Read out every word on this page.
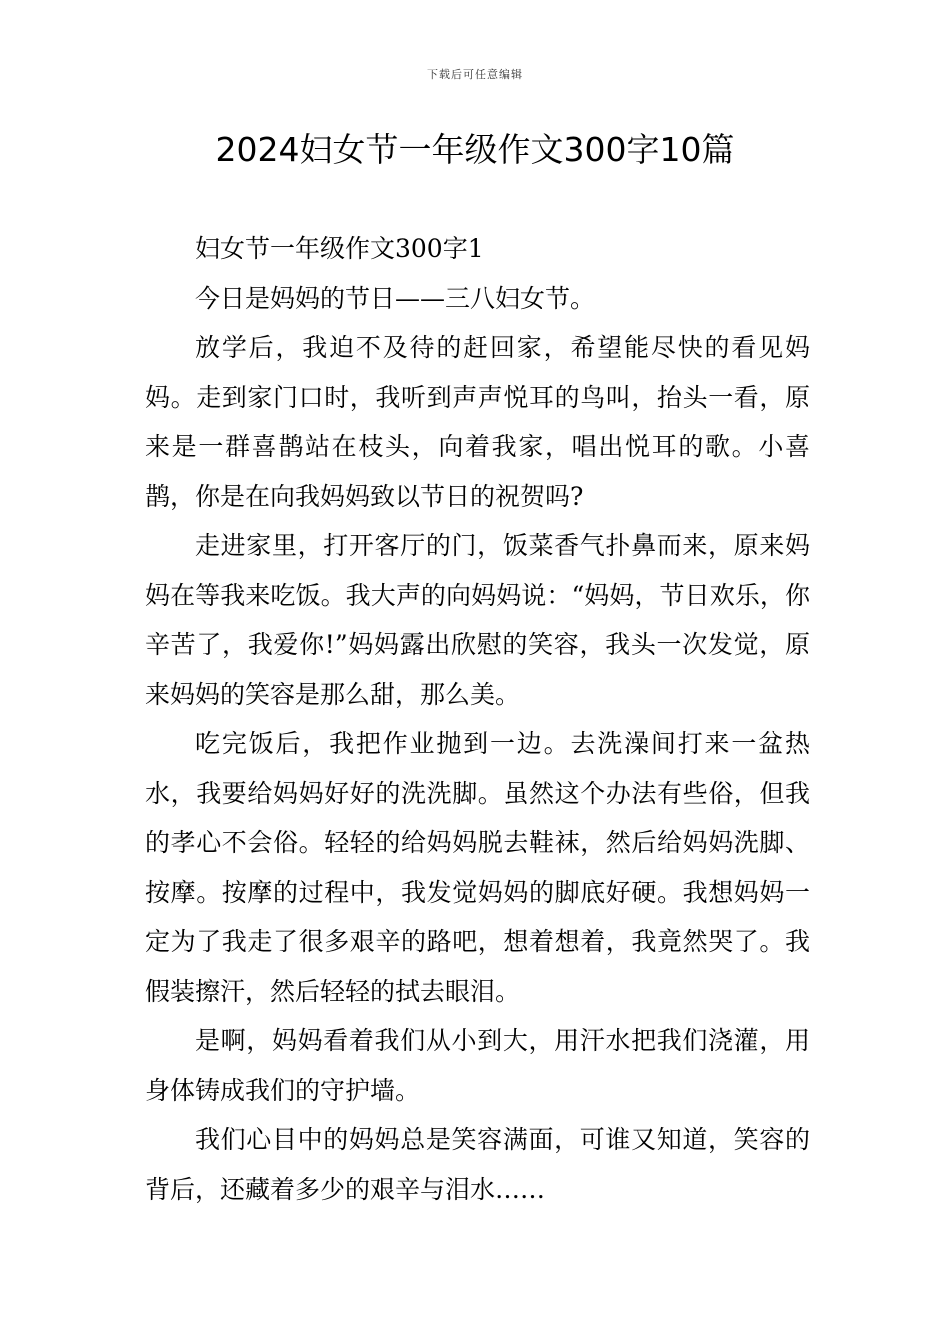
下载后可任意编辑
2024妇女节一年级作文300字10篇

妇女节一年级作文300字1

今日是妈妈的节日——三八妇女节。

放学后，我迫不及待的赶回家，希望能尽快的看见妈妈。走到家门口时，我听到声声悦耳的鸟叫，抬头一看，原来是一群喜鹊站在枝头，向着我家，唱出悦耳的歌。小喜鹊，你是在向我妈妈致以节日的祝贺吗?

走进家里，打开客厅的门，饭菜香气扑鼻而来，原来妈妈在等我来吃饭。我大声的向妈妈说：“妈妈，节日欢乐，你辛苦了，我爱你!”妈妈露出欣慰的笑容，我头一次发觉，原来妈妈的笑容是那么甜，那么美。

吃完饭后，我把作业抛到一边。去洗澡间打来一盆热水，我要给妈妈好好的洗洗脚。虽然这个办法有些俗，但我的孝心不会俗。轻轻的给妈妈脱去鞋袜，然后给妈妈洗脚、按摩。按摩的过程中，我发觉妈妈的脚底好硬。我想妈妈一定为了我走了很多艰辛的路吧，想着想着，我竟然哭了。我假装擦汗，然后轻轻的拭去眼泪。

是啊，妈妈看着我们从小到大，用汗水把我们浇灌，用身体铸成我们的守护墙。

我们心目中的妈妈总是笑容满面，可谁又知道，笑容的背后，还藏着多少的艰辛与泪水……
